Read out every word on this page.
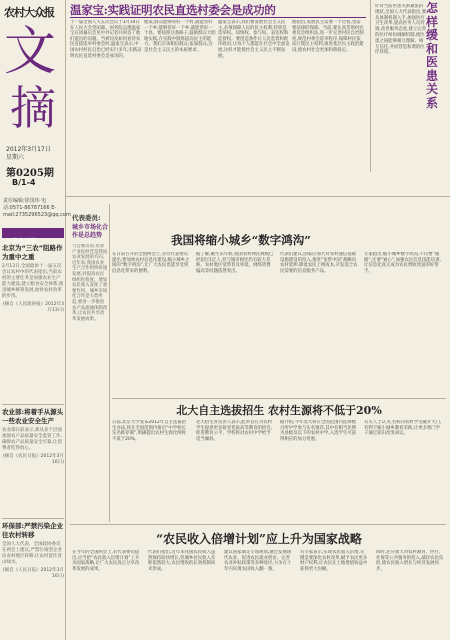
农村大众报
文
摘
2012年3月17日
星期六
第0205期
B/1-4
责任编辑:徐国伟 电话:0571-86787166 E-mail:2735296523@qq.com
◎ 信息观潮
北京为“三农”阻路作为重中之重
2月13日,全国政协十一届五次会议农村中的代表指出,当前农村的主要任务是加强农业生产能力建设,建立粮食安全体系,推进城乡统筹发展,加快农村改革的步伐。
(摘自《人民政协报》2012年3月13日)
农业部:将着手从源头一些农业安全生产
农业部日前表示,将从多个层面加强农产品质量安全监管工作,确保农产品质量安全可靠,让消费者吃得放心。
(摘自《农民日报》2012年3月16日)
环保部:严禁污染企业往农村转移
全国人大代表、全国政协委员在两会上建议,严禁污染型企业向农村地区转移,让农村留住青山绿水。
(摘自《人民日报》2012年3月16日)
温家宝:实践证明农民直选村委会是成功的
十一届全国人大五次会议于3月14日在人民大会堂闭幕。国务院总理温家宝在闭幕后会见中外记者并回答了他们提出的问题。当被问及如何看待农民直接选举村委会时,温家宝表示,中国农村村民自治已经实行多年,实践证明农民直选村委会是成功的。
他说,群众能够管好一个村,就能管好一个乡;能够管好一个乡,就能管好一个县。要按照这条路子,鼓励群众大胆地实践,在实践中锻炼提高民主的能力。我们应该相信群众,依靠群众,这是社会主义民主的本质要求。
温家宝表示,我们要发展社会主义民主,必须保障人民的民主权利,特别是选举权、知情权、参与权、表达权和监督权。要创造条件让人民监督和批评政府,让每个人都能在社会中全面发展,这样才能使社会主义民主不断发展。
他指出,发展民主需要一个过程,也需要法律的保障。当前,要认真贯彻村民委员会组织法,进一步完善村民自治制度,规范村委会选举程序,保障村民依法行使民主权利,推进基层民主政治建设,使农村社会更加和谐稳定。
针对当前医患关系紧张的现状,全国人大代表指出,要从体制机制入手,加强医疗卫生改革,提高医务人员待遇,改善服务态度,建立完善的医疗纠纷调解机制,使医患之间能够相互理解、相互信任,共同营造和谐的医疗环境。
怎样缓和医患关系
代表委员:
城乡市场化合作是总趋势
与会委员说,农业产业化经营是我国农业发展的方向。近年来,我国农业生产合作组织快速发展,对提高农民组织化程度、增加农民收入发挥了重要作用。城乡市场化合作是大势所趋,要进一步推进农产品流通体制改革,让农民共享改革发展成果。
我国将缩小城乡“数字鸿沟”
在日前召开的全国两会上,多位代表委员提出,要加快农村信息化建设,缩小城乡之间的“数字鸿沟”,让广大农民也能享受到信息化带来的便利。
据了解,截至去年底,我国农村网民规模已经超过1亿人,但与城市相比仍有较大差距。农村地区宽带普及率低、网络资费偏高等问题依然突出。
代表们建议,国家应加大对农村通信基础设施建设的投入,推进“宽带中国”战略向农村延伸,降低农民上网成本,开发适合农民需要的信息服务产品。
专家指出,缩小城乡数字鸿沟,不仅要“通路”,还要“通心”,加强农民信息技能培训,让信息化真正成为农民增收致富的好帮手。
北大自主选拔招生 农村生源将不低于20%
日前,北京大学发布2012年自主选拔招生办法,将在全国范围内推出“中学校长实名推荐制”,明确提出农村生源比例将不低于20%。
北大招生办负责人表示,此举旨在为农村学生提供更多接受优质高等教育的机会,促进教育公平。学校将对农村中学给予适当倾斜。
据介绍,今年北大将在全国范围内选择数百所中学参与实名推荐,其中有相当比例为县级及以下的农村中学,入选学生可获得相应的加分优惠。
有关人士认为,名校向农村学生敞开大门,有利于缩小城乡教育差距,让更多寒门学子通过知识改变命运。
“农民收入倍增计划”应上升为国家战略
在今年的全国两会上,有代表委员提出,应当把“农民收入倍增计划”上升为国家战略,让广大农民真正分享改革发展的成果。
代表们指出,近年来我国农民收入虽然保持较快增长,但城乡居民收入差距依然较大,农民增收的长效机制尚未形成。
建议国家制定专项规划,通过发展现代农业、促进农民就业创业、完善农业补贴政策等多种途径,力争在十年内实现农民收入翻一番。
有专家表示,实现农民收入倍增,关键是要深化农村改革,赋予农民更多财产权利,让农民在土地增值收益中获得更大份额。
同时,还应加大对农村教育、医疗、社保等公共服务的投入,减轻农民负担,使农民收入增长与经济发展同步。
